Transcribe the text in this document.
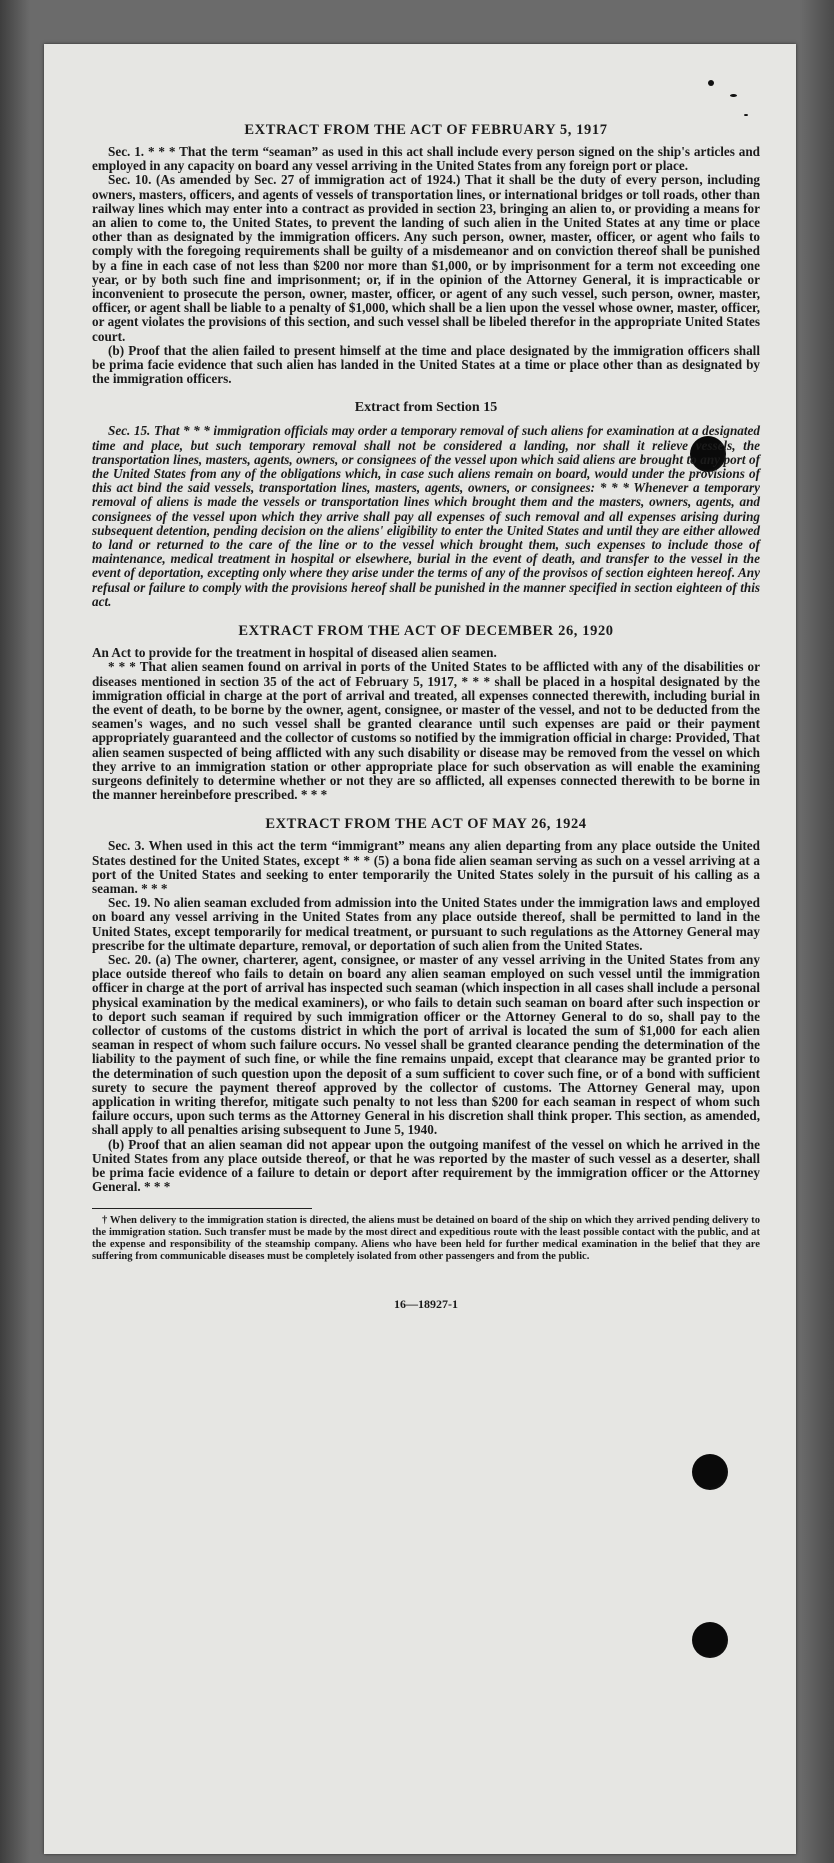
EXTRACT FROM THE ACT OF FEBRUARY 5, 1917

Sec. 1. * * * That the term “seaman” as used in this act shall include every person signed on the ship's articles and employed in any capacity on board any vessel arriving in the United States from any foreign port or place.

Sec. 10. (As amended by Sec. 27 of immigration act of 1924.) That it shall be the duty of every person, including owners, masters, officers, and agents of vessels of transportation lines, or international bridges or toll roads, other than railway lines which may enter into a contract as provided in section 23, bringing an alien to, or providing a means for an alien to come to, the United States, to prevent the landing of such alien in the United States at any time or place other than as designated by the immigration officers. Any such person, owner, master, officer, or agent who fails to comply with the foregoing requirements shall be guilty of a misdemeanor and on conviction thereof shall be punished by a fine in each case of not less than $200 nor more than $1,000, or by imprisonment for a term not exceeding one year, or by both such fine and imprisonment; or, if in the opinion of the Attorney General, it is impracticable or inconvenient to prosecute the person, owner, master, officer, or agent of any such vessel, such person, owner, master, officer, or agent shall be liable to a penalty of $1,000, which shall be a lien upon the vessel whose owner, master, officer, or agent violates the provisions of this section, and such vessel shall be libeled therefor in the appropriate United States court.

(b) Proof that the alien failed to present himself at the time and place designated by the immigration officers shall be prima facie evidence that such alien has landed in the United States at a time or place other than as designated by the immigration officers.

Extract from Section 15

Sec. 15. That * * * immigration officials may order a temporary removal of such aliens for examination at a designated time and place, but such temporary removal shall not be considered a landing, nor shall it relieve vessels, the transportation lines, masters, agents, owners, or consignees of the vessel upon which said aliens are brought to any port of the United States from any of the obligations which, in case such aliens remain on board, would under the provisions of this act bind the said vessels, transportation lines, masters, agents, owners, or consignees: * * * Whenever a temporary removal of aliens is made the vessels or transportation lines which brought them and the masters, owners, agents, and consignees of the vessel upon which they arrive shall pay all expenses of such removal and all expenses arising during subsequent detention, pending decision on the aliens' eligibility to enter the United States and until they are either allowed to land or returned to the care of the line or to the vessel which brought them, such expenses to include those of maintenance, medical treatment in hospital or elsewhere, burial in the event of death, and transfer to the vessel in the event of deportation, excepting only where they arise under the terms of any of the provisos of section eighteen hereof. Any refusal or failure to comply with the provisions hereof shall be punished in the manner specified in section eighteen of this act.

EXTRACT FROM THE ACT OF DECEMBER 26, 1920

An Act to provide for the treatment in hospital of diseased alien seamen.

* * * That alien seamen found on arrival in ports of the United States to be afflicted with any of the disabilities or diseases mentioned in section 35 of the act of February 5, 1917, * * * shall be placed in a hospital designated by the immigration official in charge at the port of arrival and treated, all expenses connected therewith, including burial in the event of death, to be borne by the owner, agent, consignee, or master of the vessel, and not to be deducted from the seamen's wages, and no such vessel shall be granted clearance until such expenses are paid or their payment appropriately guaranteed and the collector of customs so notified by the immigration official in charge: Provided, That alien seamen suspected of being afflicted with any such disability or disease may be removed from the vessel on which they arrive to an immigration station or other appropriate place for such observation as will enable the examining surgeons definitely to determine whether or not they are so afflicted, all expenses connected therewith to be borne in the manner hereinbefore prescribed. * * *

EXTRACT FROM THE ACT OF MAY 26, 1924

Sec. 3. When used in this act the term “immigrant” means any alien departing from any place outside the United States destined for the United States, except * * * (5) a bona fide alien seaman serving as such on a vessel arriving at a port of the United States and seeking to enter temporarily the United States solely in the pursuit of his calling as a seaman. * * *

Sec. 19. No alien seaman excluded from admission into the United States under the immigration laws and employed on board any vessel arriving in the United States from any place outside thereof, shall be permitted to land in the United States, except temporarily for medical treatment, or pursuant to such regulations as the Attorney General may prescribe for the ultimate departure, removal, or deportation of such alien from the United States.

Sec. 20. (a) The owner, charterer, agent, consignee, or master of any vessel arriving in the United States from any place outside thereof who fails to detain on board any alien seaman employed on such vessel until the immigration officer in charge at the port of arrival has inspected such seaman (which inspection in all cases shall include a personal physical examination by the medical examiners), or who fails to detain such seaman on board after such inspection or to deport such seaman if required by such immigration officer or the Attorney General to do so, shall pay to the collector of customs of the customs district in which the port of arrival is located the sum of $1,000 for each alien seaman in respect of whom such failure occurs. No vessel shall be granted clearance pending the determination of the liability to the payment of such fine, or while the fine remains unpaid, except that clearance may be granted prior to the determination of such question upon the deposit of a sum sufficient to cover such fine, or of a bond with sufficient surety to secure the payment thereof approved by the collector of customs. The Attorney General may, upon application in writing therefor, mitigate such penalty to not less than $200 for each seaman in respect of whom such failure occurs, upon such terms as the Attorney General in his discretion shall think proper. This section, as amended, shall apply to all penalties arising subsequent to June 5, 1940.

(b) Proof that an alien seaman did not appear upon the outgoing manifest of the vessel on which he arrived in the United States from any place outside thereof, or that he was reported by the master of such vessel as a deserter, shall be prima facie evidence of a failure to detain or deport after requirement by the immigration officer or the Attorney General. * * *

† When delivery to the immigration station is directed, the aliens must be detained on board of the ship on which they arrived pending delivery to the immigration station. Such transfer must be made by the most direct and expeditious route with the least possible contact with the public, and at the expense and responsibility of the steamship company. Aliens who have been held for further medical examination in the belief that they are suffering from communicable diseases must be completely isolated from other passengers and from the public.

16—18927-1
